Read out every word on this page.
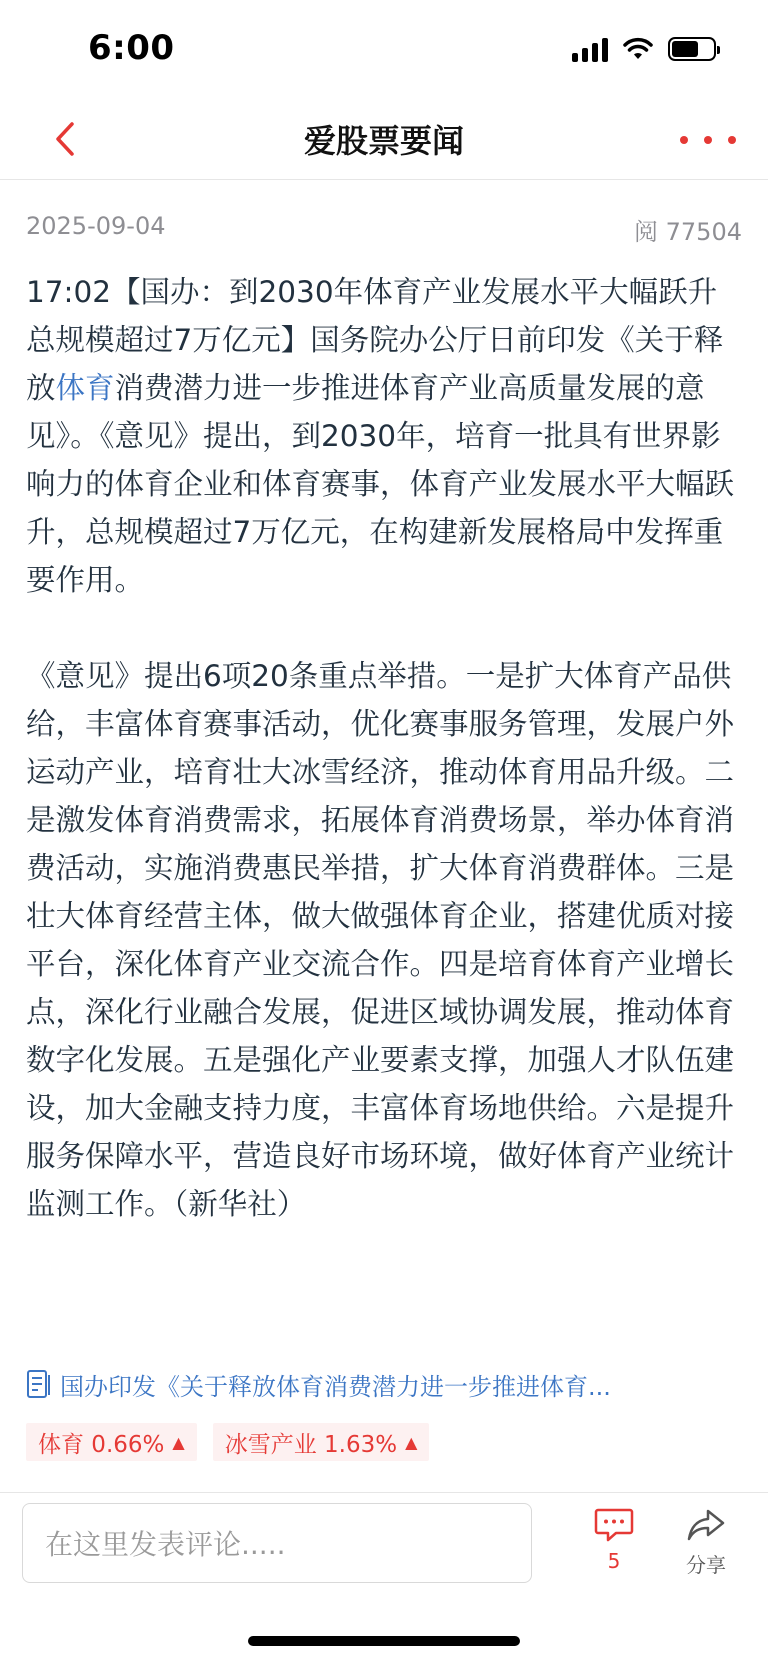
6:00
爱股票要闻
2025-09-04	阅 77504

17:02【国办：到2030年体育产业发展水平大幅跃升　总规模超过7万亿元】国务院办公厅日前印发《关于释放体育消费潜力进一步推进体育产业高质量发展的意见》。《意见》提出，到2030年，培育一批具有世界影响力的体育企业和体育赛事，体育产业发展水平大幅跃升，总规模超过7万亿元，在构建新发展格局中发挥重要作用。

《意见》提出6项20条重点举措。一是扩大体育产品供给，丰富体育赛事活动，优化赛事服务管理，发展户外运动产业，培育壮大冰雪经济，推动体育用品升级。二是激发体育消费需求，拓展体育消费场景，举办体育消费活动，实施消费惠民举措，扩大体育消费群体。三是壮大体育经营主体，做大做强体育企业，搭建优质对接平台，深化体育产业交流合作。四是培育体育产业增长点，深化行业融合发展，促进区域协调发展，推动体育数字化发展。五是强化产业要素支撑，加强人才队伍建设，加大金融支持力度，丰富体育场地供给。六是提升服务保障水平，营造良好市场环境，做好体育产业统计监测工作。（新华社）

国办印发《关于释放体育消费潜力进一步推进体育...
体育 0.66% ▲ 冰雪产业 1.63% ▲
在这里发表评论.....	5	分享
